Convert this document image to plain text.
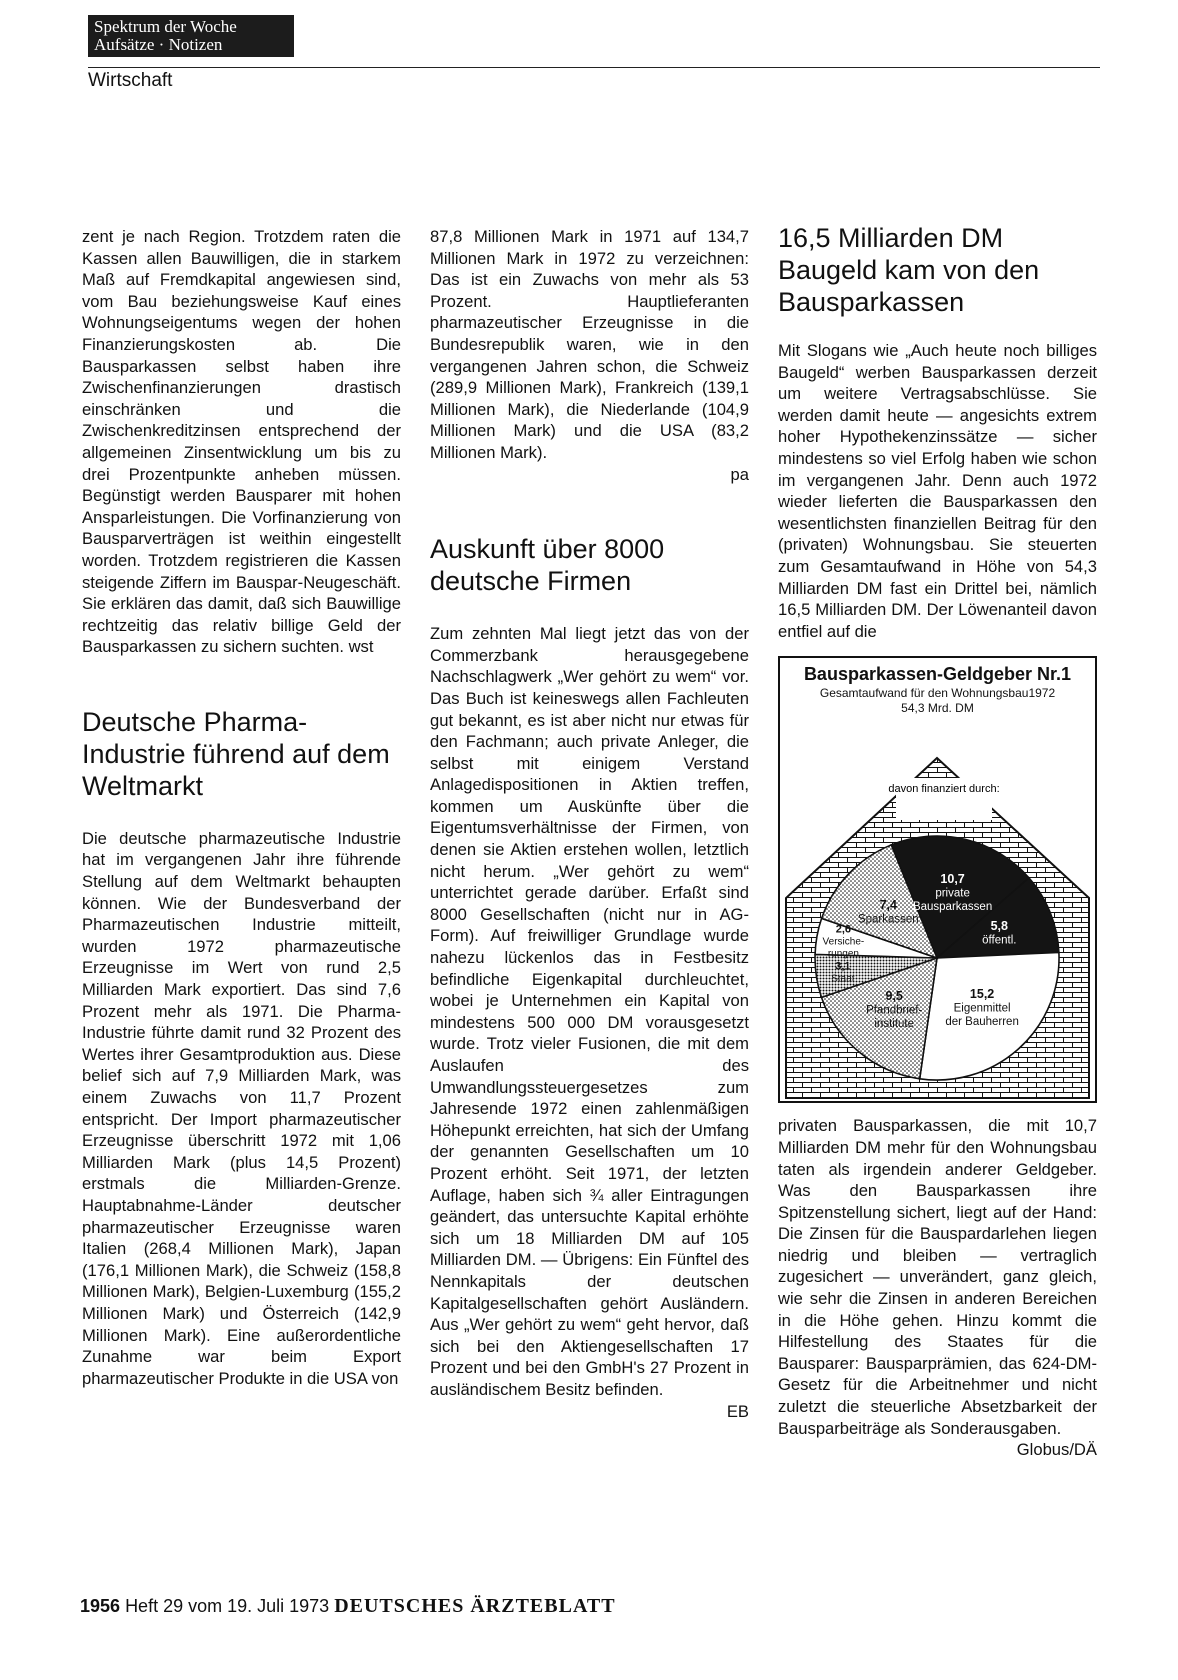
Spektrum der Woche
Aufsätze · Notizen
Wirtschaft

zent je nach Region. Trotzdem raten die Kassen allen Bauwilligen, die in starkem Maß auf Fremdkapital angewiesen sind, vom Bau beziehungsweise Kauf eines Wohnungseigentums wegen der hohen Finanzierungskosten ab. Die Bausparkassen selbst haben ihre Zwischenfinanzierungen drastisch einschränken und die Zwischenkreditzinsen entsprechend der allgemeinen Zinsentwicklung um bis zu drei Prozentpunkte anheben müssen. Begünstigt werden Bausparer mit hohen Ansparleistungen. Die Vorfinanzierung von Bausparverträgen ist weithin eingestellt worden. Trotzdem registrieren die Kassen steigende Ziffern im Bauspar-Neugeschäft. Sie erklären das damit, daß sich Bauwillige rechtzeitig das relativ billige Geld der Bausparkassen zu sichern suchten. wst

Deutsche Pharma-Industrie führend auf dem Weltmarkt

Die deutsche pharmazeutische Industrie hat im vergangenen Jahr ihre führende Stellung auf dem Weltmarkt behaupten können. Wie der Bundesverband der Pharmazeutischen Industrie mitteilt, wurden 1972 pharmazeutische Erzeugnisse im Wert von rund 2,5 Milliarden Mark exportiert. Das sind 7,6 Prozent mehr als 1971. Die Pharma-Industrie führte damit rund 32 Prozent des Wertes ihrer Gesamtproduktion aus. Diese belief sich auf 7,9 Milliarden Mark, was einem Zuwachs von 11,7 Prozent entspricht. Der Import pharmazeutischer Erzeugnisse überschritt 1972 mit 1,06 Milliarden Mark (plus 14,5 Prozent) erstmals die Milliarden-Grenze. Hauptabnahme-Länder deutscher pharmazeutischer Erzeugnisse waren Italien (268,4 Millionen Mark), Japan (176,1 Millionen Mark), die Schweiz (158,8 Millionen Mark), Belgien-Luxemburg (155,2 Millionen Mark) und Österreich (142,9 Millionen Mark). Eine außerordentliche Zunahme war beim Export pharmazeutischer Produkte in die USA von

87,8 Millionen Mark in 1971 auf 134,7 Millionen Mark in 1972 zu verzeichnen: Das ist ein Zuwachs von mehr als 53 Prozent. Hauptlieferanten pharmazeutischer Erzeugnisse in die Bundesrepublik waren, wie in den vergangenen Jahren schon, die Schweiz (289,9 Millionen Mark), Frankreich (139,1 Millionen Mark), die Niederlande (104,9 Millionen Mark) und die USA (83,2 Millionen Mark).

pa

Auskunft über 8000 deutsche Firmen

Zum zehnten Mal liegt jetzt das von der Commerzbank herausgegebene Nachschlagwerk „Wer gehört zu wem“ vor. Das Buch ist keineswegs allen Fachleuten gut bekannt, es ist aber nicht nur etwas für den Fachmann; auch private Anleger, die selbst mit einigem Verstand Anlagedispositionen in Aktien treffen, kommen um Auskünfte über die Eigentumsverhältnisse der Firmen, von denen sie Aktien erstehen wollen, letztlich nicht herum. „Wer gehört zu wem“ unterrichtet gerade darüber. Erfaßt sind 8000 Gesellschaften (nicht nur in AG-Form). Auf freiwilliger Grundlage wurde nahezu lückenlos das in Festbesitz befindliche Eigenkapital durchleuchtet, wobei je Unternehmen ein Kapital von mindestens 500 000 DM vorausgesetzt wurde. Trotz vieler Fusionen, die mit dem Auslaufen des Umwandlungssteuergesetzes zum Jahresende 1972 einen zahlenmäßigen Höhepunkt erreichten, hat sich der Umfang der genannten Gesellschaften um 10 Prozent erhöht. Seit 1971, der letzten Auflage, haben sich ¾ aller Eintragungen geändert, das untersuchte Kapital erhöhte sich um 18 Milliarden DM auf 105 Milliarden DM. — Übrigens: Ein Fünftel des Nennkapitals der deutschen Kapitalgesellschaften gehört Ausländern. Aus „Wer gehört zu wem“ geht hervor, daß sich bei den Aktiengesellschaften 17 Prozent und bei den GmbH's 27 Prozent in ausländischem Besitz befinden.

EB

16,5 Milliarden DM Baugeld kam von den Bausparkassen

Mit Slogans wie „Auch heute noch billiges Baugeld“ werben Bausparkassen derzeit um weitere Vertragsabschlüsse. Sie werden damit heute — angesichts extrem hoher Hypothekenzinssätze — sicher mindestens so viel Erfolg haben wie schon im vergangenen Jahr. Denn auch 1972 wieder lieferten die Bausparkassen den wesentlichsten finanziellen Beitrag für den (privaten) Wohnungsbau. Sie steuerten zum Gesamtaufwand in Höhe von 54,3 Milliarden DM fast ein Drittel bei, nämlich 16,5 Milliarden DM. Der Löwenanteil davon entfiel auf die

Bausparkassen-Geldgeber Nr.1
Gesamtaufwand für den Wohnungsbau1972
54,3 Mrd. DM
davon finanziert durch:
10,7
private
Bausparkassen
5,8
öffentl.
15,2
Eigenmittel
der Bauherren
9,5
Pfandbrief-
institute
3,1
Staat
2,6
Versiche-
rungen
7,4
Sparkassen

privaten Bausparkassen, die mit 10,7 Milliarden DM mehr für den Wohnungsbau taten als irgendein anderer Geldgeber. Was den Bausparkassen ihre Spitzenstellung sichert, liegt auf der Hand: Die Zinsen für die Bauspardarlehen liegen niedrig und bleiben — vertraglich zugesichert — unverändert, ganz gleich, wie sehr die Zinsen in anderen Bereichen in die Höhe gehen. Hinzu kommt die Hilfestellung des Staates für die Bausparer: Bausparprämien, das 624-DM-Gesetz für die Arbeitnehmer und nicht zuletzt die steuerliche Absetzbarkeit der Bausparbeiträge als Sonderausgaben.

Globus/DÄ

1956 Heft 29 vom 19. Juli 1973 DEUTSCHES ÄRZTEBLATT
